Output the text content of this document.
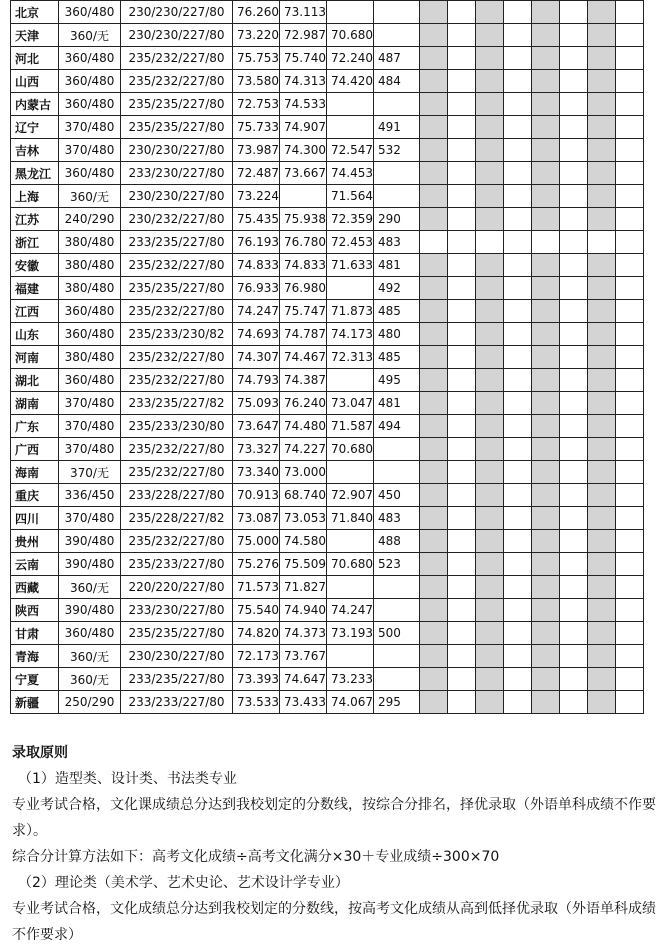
北京	360/480	230/230/227/80	76.260	73.113										
天津	360/无	230/230/227/80	73.220	72.987	70.680									
河北	360/480	235/232/227/80	75.753	75.740	72.240	487								
山西	360/480	235/232/227/80	73.580	74.313	74.420	484								
内蒙古	360/480	235/235/227/80	72.753	74.533										
辽宁	370/480	235/235/227/80	75.733	74.907		491								
吉林	370/480	230/230/227/80	73.987	74.300	72.547	532								
黑龙江	360/480	233/230/227/80	72.487	73.667	74.453									
上海	360/无	230/230/227/80	73.224		71.564									
江苏	240/290	230/232/227/80	75.435	75.938	72.359	290								
浙江	380/480	233/235/227/80	76.193	76.780	72.453	483								
安徽	380/480	235/232/227/80	74.833	74.833	71.633	481								
福建	380/480	235/235/227/80	76.933	76.980		492								
江西	360/480	235/232/227/80	74.247	75.747	71.873	485								
山东	360/480	235/233/230/82	74.693	74.787	74.173	480								
河南	380/480	235/232/227/80	74.307	74.467	72.313	485								
湖北	360/480	235/232/227/80	74.793	74.387		495								
湖南	370/480	233/235/227/82	75.093	76.240	73.047	481								
广东	370/480	235/233/230/80	73.647	74.480	71.587	494								
广西	370/480	235/232/227/80	73.327	74.227	70.680									
海南	370/无	235/232/227/80	73.340	73.000										
重庆	336/450	233/228/227/80	70.913	68.740	72.907	450								
四川	370/480	235/228/227/82	73.087	73.053	71.840	483								
贵州	390/480	235/232/227/80	75.000	74.580		488								
云南	390/480	235/233/227/80	75.276	75.509	70.680	523								
西藏	360/无	220/220/227/80	71.573	71.827										
陕西	390/480	233/230/227/80	75.540	74.940	74.247									
甘肃	360/480	235/235/227/80	74.820	74.373	73.193	500								
青海	360/无	230/230/227/80	72.173	73.767										
宁夏	360/无	233/235/227/80	73.393	74.647	73.233									
新疆	250/290	233/233/227/80	73.533	73.433	74.067	295								

录取原则

（1）造型类、设计类、书法类专业

专业考试合格，文化课成绩总分达到我校划定的分数线，按综合分排名，择优录取（外语单科成绩不作要求）。

综合分计算方法如下：高考文化成绩÷高考文化满分×30＋专业成绩÷300×70

（2）理论类（美术学、艺术史论、艺术设计学专业）

专业考试合格，文化成绩总分达到我校划定的分数线，按高考文化成绩从高到低择优录取（外语单科成绩不作要求）
